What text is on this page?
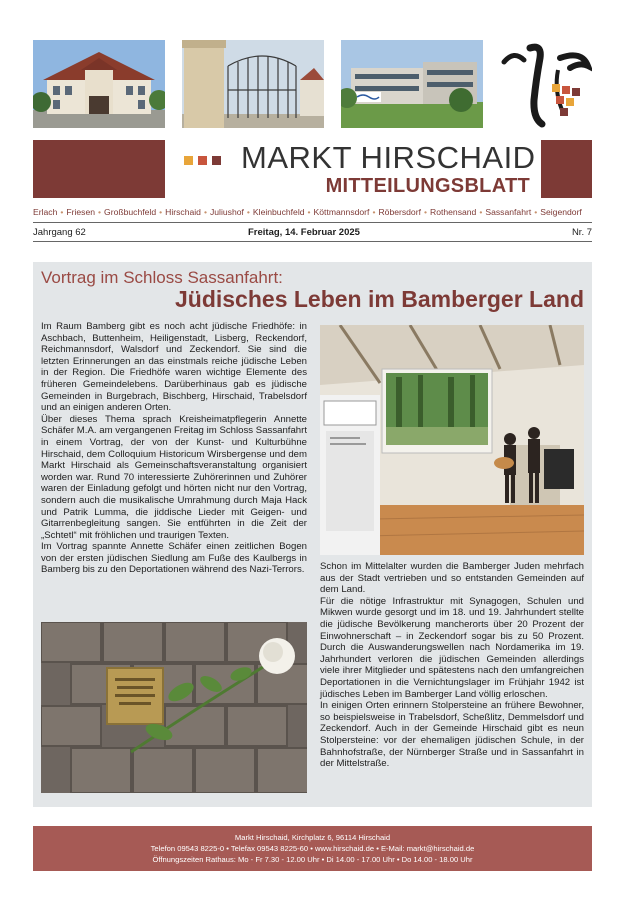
MARKT HIRSCHAID
MITTEILUNGSBLATT
Erlach • Friesen • Großbuchfeld • Hirschaid • Juliushof • Kleinbuchfeld • Köttmannsdorf • Röbersdorf • Rothensand • Sassanfahrt • Seigendorf
Jahrgang 62	Freitag, 14. Februar 2025	Nr. 7
Vortrag im Schloss Sassanfahrt:
Jüdisches Leben im Bamberger Land

Im Raum Bamberg gibt es noch acht jüdische Friedhöfe: in Aschbach, Buttenheim, Heiligenstadt, Lisberg, Reckendorf, Reichmannsdorf, Walsdorf und Zeckendorf. Sie sind die letzten Erinnerungen an das einstmals reiche jüdische Leben in der Region. Die Friedhöfe waren wichtige Elemente des früheren Gemeindelebens. Darüberhinaus gab es jüdische Gemeinden in Burgebrach, Bischberg, Hirschaid, Trabelsdorf und an einigen anderen Orten.

Über dieses Thema sprach Kreisheimatpflegerin Annette Schäfer M.A. am vergangenen Freitag im Schloss Sassanfahrt in einem Vortrag, der von der Kunst- und Kulturbühne Hirschaid, dem Colloquium Historicum Wirsbergense und dem Markt Hirschaid als Gemeinschaftsveranstaltung organisiert worden war. Rund 70 interessierte Zuhörerinnen und Zuhörer waren der Einladung gefolgt und hörten nicht nur den Vortrag, sondern auch die musikalische Umrahmung durch Maja Hack und Patrik Lumma, die jiddische Lieder mit Geigen- und Gitarrenbegleitung sangen. Sie entführten in die Zeit der „Schtetl“ mit fröhlichen und traurigen Texten.

Im Vortrag spannte Annette Schäfer einen zeitlichen Bogen von der ersten jüdischen Siedlung am Fuße des Kaulbergs in Bamberg bis zu den Deportationen während des Nazi-Terrors. Schon im Mittelalter wurden die Bamberger Juden mehrfach aus der Stadt vertrieben und so entstanden Gemeinden auf dem Land.

Für die nötige Infrastruktur mit Synagogen, Schulen und Mikwen wurde gesorgt und im 18. und 19. Jahrhundert stellte die jüdische Bevölkerung mancherorts über 20 Prozent der Einwohnerschaft – in Zeckendorf sogar bis zu 50 Prozent. Durch die Auswanderungswellen nach Nordamerika im 19. Jahrhundert verloren die jüdischen Gemeinden allerdings viele ihrer Mitglieder und spätestens nach den umfangreichen Deportationen in die Vernichtungslager im Frühjahr 1942 ist jüdisches Leben im Bamberger Land völlig erloschen.

In einigen Orten erinnern Stolpersteine an frühere Bewohner, so beispielsweise in Trabelsdorf, Scheßlitz, Demmelsdorf und Zeckendorf. Auch in der Gemeinde Hirschaid gibt es neun Stolpersteine: vor der ehemaligen jüdischen Schule, in der Bahnhofstraße, der Nürnberger Straße und in Sassanfahrt in der Mittelstraße.

Markt Hirschaid, Kirchplatz 6, 96114 Hirschaid
Telefon 09543 8225-0 • Telefax 09543 8225-60 • www.hirschaid.de • E-Mail: markt@hirschaid.de
Öffnungszeiten Rathaus: Mo - Fr 7.30 - 12.00 Uhr • Di 14.00 - 17.00 Uhr • Do 14.00 - 18.00 Uhr
